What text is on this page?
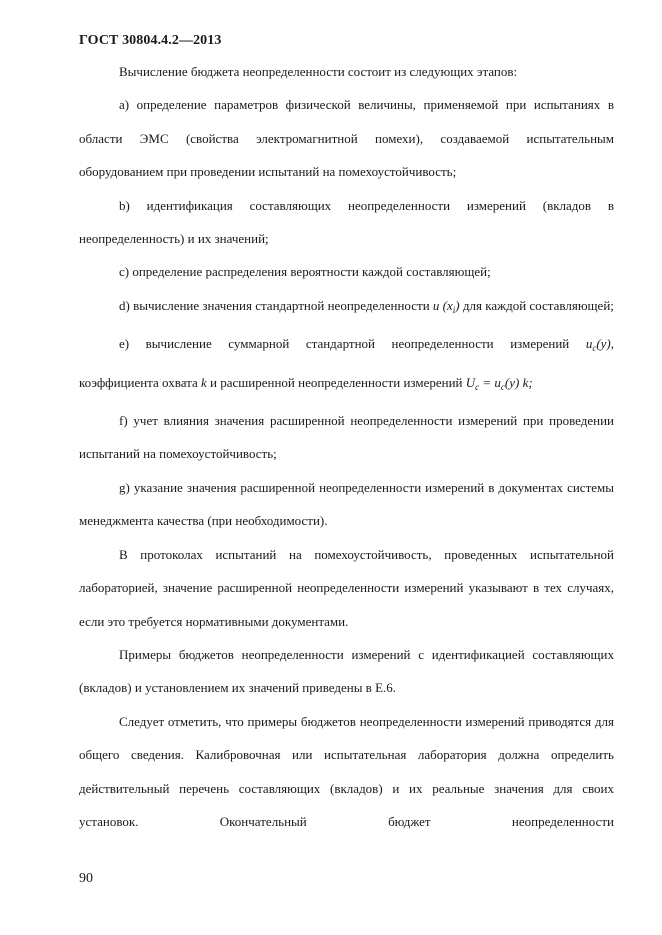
ГОСТ 30804.4.2—2013

Вычисление бюджета неопределенности состоит из следующих этапов:

а) определение параметров физической величины, применяемой при испытаниях в области ЭМС (свойства электромагнитной помехи), создаваемой испытательным оборудованием при проведении испытаний на помехоустойчивость;

b) идентификация составляющих неопределенности измерений (вкладов в неопределенность) и их значений;

с) определение распределения вероятности каждой составляющей;

d) вычисление значения стандартной неопределенности u $(x_i)$ для каждой составляющей;

е) вычисление суммарной стандартной неопределенности измерений $u_c(y)$, коэффициента охвата k и расширенной неопределенности измерений $U_c = u_c(y)$ k;

f) учет влияния значения расширенной неопределенности измерений при проведении испытаний на помехоустойчивость;

g) указание значения расширенной неопределенности измерений в документах системы менеджмента качества (при необходимости).

В протоколах испытаний на помехоустойчивость, проведенных испытательной лабораторией, значение расширенной неопределенности измерений указывают в тех случаях, если это требуется нормативными документами.

Примеры бюджетов неопределенности измерений с идентификацией составляющих (вкладов) и установлением их значений приведены в Е.6.

Следует отметить, что примеры бюджетов неопределенности измерений приводятся для общего сведения. Калибровочная или испытательная лаборатория должна определить действительный перечень составляющих (вкладов) и их реальные значения для своих установок. Окончательный бюджет неопределенности

90
